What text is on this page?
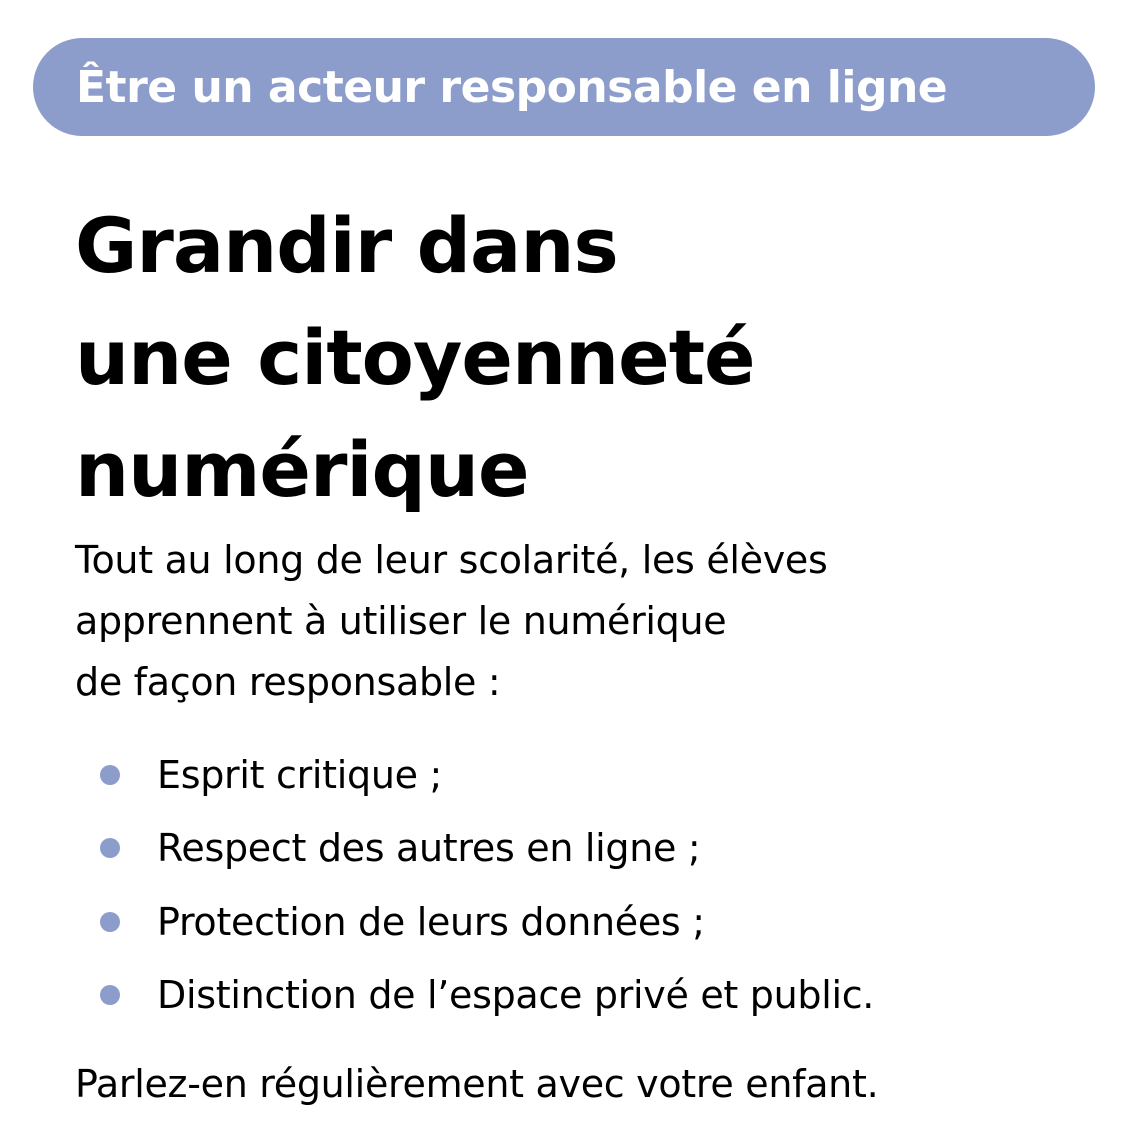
Être un acteur responsable en ligne
Grandir dans
une citoyenneté
numérique

Tout au long de leur scolarité, les élèves
apprennent à utiliser le numérique
de façon responsable :

Esprit critique ;
Respect des autres en ligne ;
Protection de leurs données ;
Distinction de l’espace privé et public.

Parlez-en régulièrement avec votre enfant.
